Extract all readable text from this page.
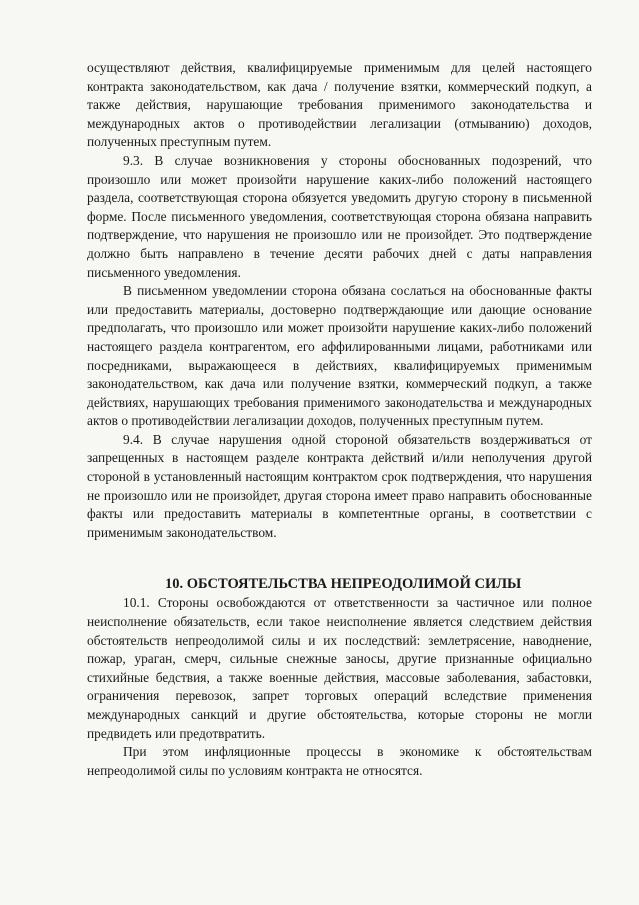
осуществляют действия, квалифицируемые применимым для целей настоящего контракта законодательством, как дача / получение взятки, коммерческий подкуп, а также действия, нарушающие требования применимого законодательства и международных актов о противодействии легализации (отмыванию) доходов, полученных преступным путем.

9.3. В случае возникновения у стороны обоснованных подозрений, что произошло или может произойти нарушение каких-либо положений настоящего раздела, соответствующая сторона обязуется уведомить другую сторону в письменной форме. После письменного уведомления, соответствующая сторона обязана направить подтверждение, что нарушения не произошло или не произойдет. Это подтверждение должно быть направлено в течение десяти рабочих дней с даты направления письменного уведомления.

В письменном уведомлении сторона обязана сослаться на обоснованные факты или предоставить материалы, достоверно подтверждающие или дающие основание предполагать, что произошло или может произойти нарушение каких-либо положений настоящего раздела контрагентом, его аффилированными лицами, работниками или посредниками, выражающееся в действиях, квалифицируемых применимым законодательством, как дача или получение взятки, коммерческий подкуп, а также действиях, нарушающих требования применимого законодательства и международных актов о противодействии легализации доходов, полученных преступным путем.

9.4. В случае нарушения одной стороной обязательств воздерживаться от запрещенных в настоящем разделе контракта действий и/или неполучения другой стороной в установленный настоящим контрактом срок подтверждения, что нарушения не произошло или не произойдет, другая сторона имеет право направить обоснованные факты или предоставить материалы в компетентные органы, в соответствии с применимым законодательством.

10. ОБСТОЯТЕЛЬСТВА НЕПРЕОДОЛИМОЙ СИЛЫ

10.1. Стороны освобождаются от ответственности за частичное или полное неисполнение обязательств, если такое неисполнение является следствием действия обстоятельств непреодолимой силы и их последствий: землетрясение, наводнение, пожар, ураган, смерч, сильные снежные заносы, другие признанные официально стихийные бедствия, а также военные действия, массовые заболевания, забастовки, ограничения перевозок, запрет торговых операций вследствие применения международных санкций и другие обстоятельства, которые стороны не могли предвидеть или предотвратить.

При этом инфляционные процессы в экономике к обстоятельствам непреодолимой силы по условиям контракта не относятся.
